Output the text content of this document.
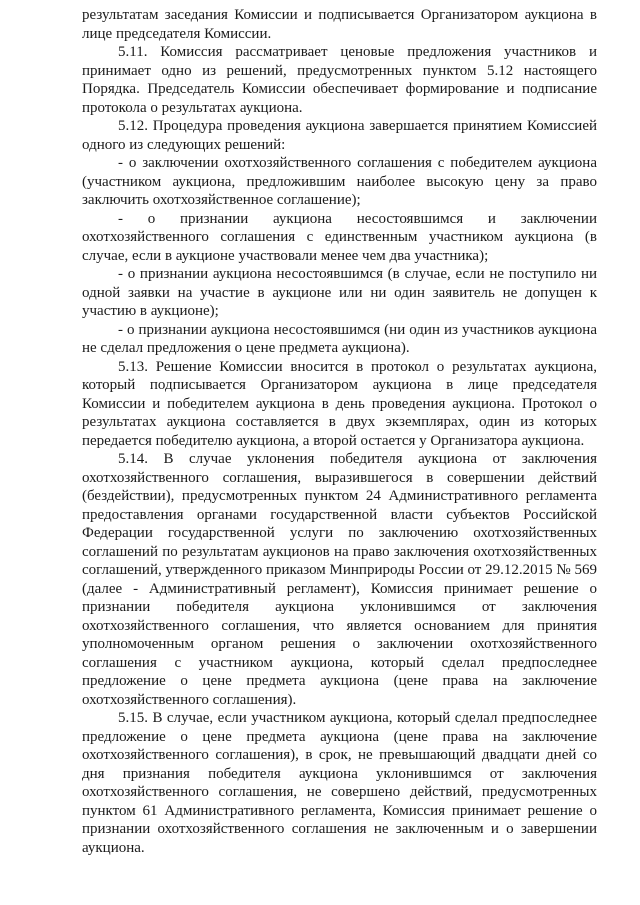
результатам заседания Комиссии и подписывается Организатором аукциона в лице председателя Комиссии.

5.11. Комиссия рассматривает ценовые предложения участников и принимает одно из решений, предусмотренных пунктом 5.12 настоящего Порядка. Председатель Комиссии обеспечивает формирование и подписание протокола о результатах аукциона.

5.12. Процедура проведения аукциона завершается принятием Комиссией одного из следующих решений:

- о заключении охотхозяйственного соглашения с победителем аукциона (участником аукциона, предложившим наиболее высокую цену за право заключить охотхозяйственное соглашение);

- о признании аукциона несостоявшимся и заключении охотхозяйственного соглашения с единственным участником аукциона (в случае, если в аукционе участвовали менее чем два участника);

- о признании аукциона несостоявшимся (в случае, если не поступило ни одной заявки на участие в аукционе или ни один заявитель не допущен к участию в аукционе);

- о признании аукциона несостоявшимся (ни один из участников аукциона не сделал предложения о цене предмета аукциона).

5.13. Решение Комиссии вносится в протокол о результатах аукциона, который подписывается Организатором аукциона в лице председателя Комиссии и победителем аукциона в день проведения аукциона. Протокол о результатах аукциона составляется в двух экземплярах, один из которых передается победителю аукциона, а второй остается у Организатора аукциона.

5.14. В случае уклонения победителя аукциона от заключения охотхозяйственного соглашения, выразившегося в совершении действий (бездействии), предусмотренных пунктом 24 Административного регламента предоставления органами государственной власти субъектов Российской Федерации государственной услуги по заключению охотхозяйственных соглашений по результатам аукционов на право заключения охотхозяйственных соглашений, утвержденного приказом Минприроды России от 29.12.2015 № 569 (далее - Административный регламент), Комиссия принимает решение о признании победителя аукциона уклонившимся от заключения охотхозяйственного соглашения, что является основанием для принятия уполномоченным органом решения о заключении охотхозяйственного соглашения с участником аукциона, который сделал предпоследнее предложение о цене предмета аукциона (цене права на заключение охотхозяйственного соглашения).

5.15. В случае, если участником аукциона, который сделал предпоследнее предложение о цене предмета аукциона (цене права на заключение охотхозяйственного соглашения), в срок, не превышающий двадцати дней со дня признания победителя аукциона уклонившимся от заключения охотхозяйственного соглашения, не совершено действий, предусмотренных пунктом 61 Административного регламента, Комиссия принимает решение о признании охотхозяйственного соглашения не заключенным и о завершении аукциона.
